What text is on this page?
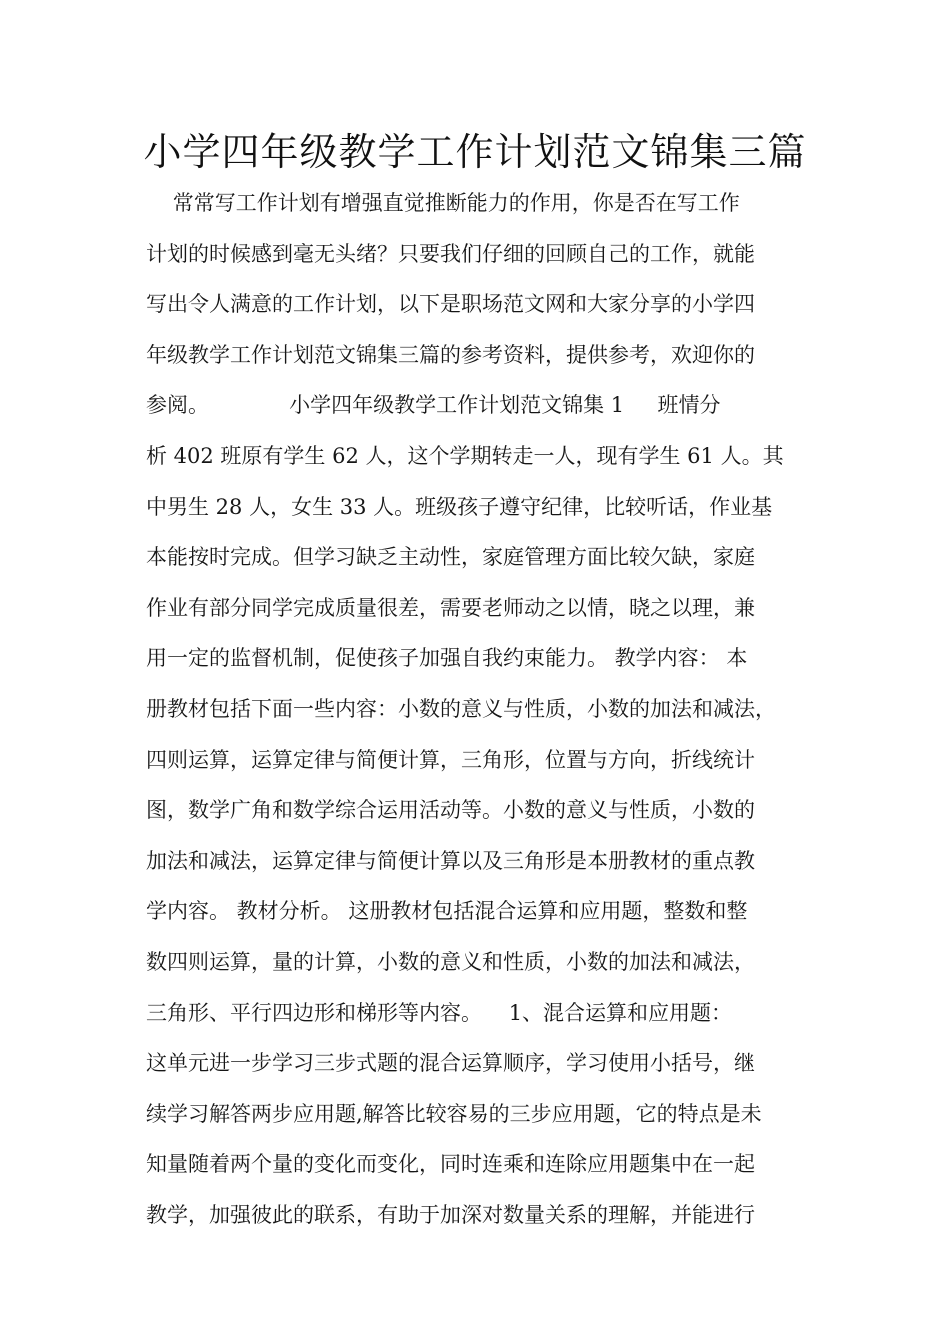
小学四年级教学工作计划范文锦集三篇
常常写工作计划有增强直觉推断能力的作用，你是否在写工作
计划的时候感到毫无头绪？只要我们仔细的回顾自己的工作，就能
写出令人满意的工作计划，以下是职场范文网和大家分享的小学四
年级教学工作计划范文锦集三篇的参考资料，提供参考，欢迎你的
参阅。            小学四年级教学工作计划范文锦集 1     班情分
析 402 班原有学生 62 人，这个学期转走一人，现有学生 61 人。其
中男生 28 人，女生 33 人。班级孩子遵守纪律，比较听话，作业基
本能按时完成。但学习缺乏主动性，家庭管理方面比较欠缺，家庭
作业有部分同学完成质量很差，需要老师动之以情，晓之以理，兼
用一定的监督机制，促使孩子加强自我约束能力。 教学内容： 本
册教材包括下面一些内容：小数的意义与性质，小数的加法和减法，
四则运算，运算定律与简便计算，三角形，位置与方向，折线统计
图，数学广角和数学综合运用活动等。小数的意义与性质，小数的
加法和减法，运算定律与简便计算以及三角形是本册教材的重点教
学内容。 教材分析。 这册教材包括混合运算和应用题，整数和整
数四则运算，量的计算，小数的意义和性质，小数的加法和减法，
三角形、平行四边形和梯形等内容。    1、混合运算和应用题：
这单元进一步学习三步式题的混合运算顺序，学习使用小括号，继
续学习解答两步应用题,解答比较容易的三步应用题，它的特点是未
知量随着两个量的变化而变化，同时连乘和连除应用题集中在一起
教学，加强彼此的联系，有助于加深对数量关系的理解，并能进行
